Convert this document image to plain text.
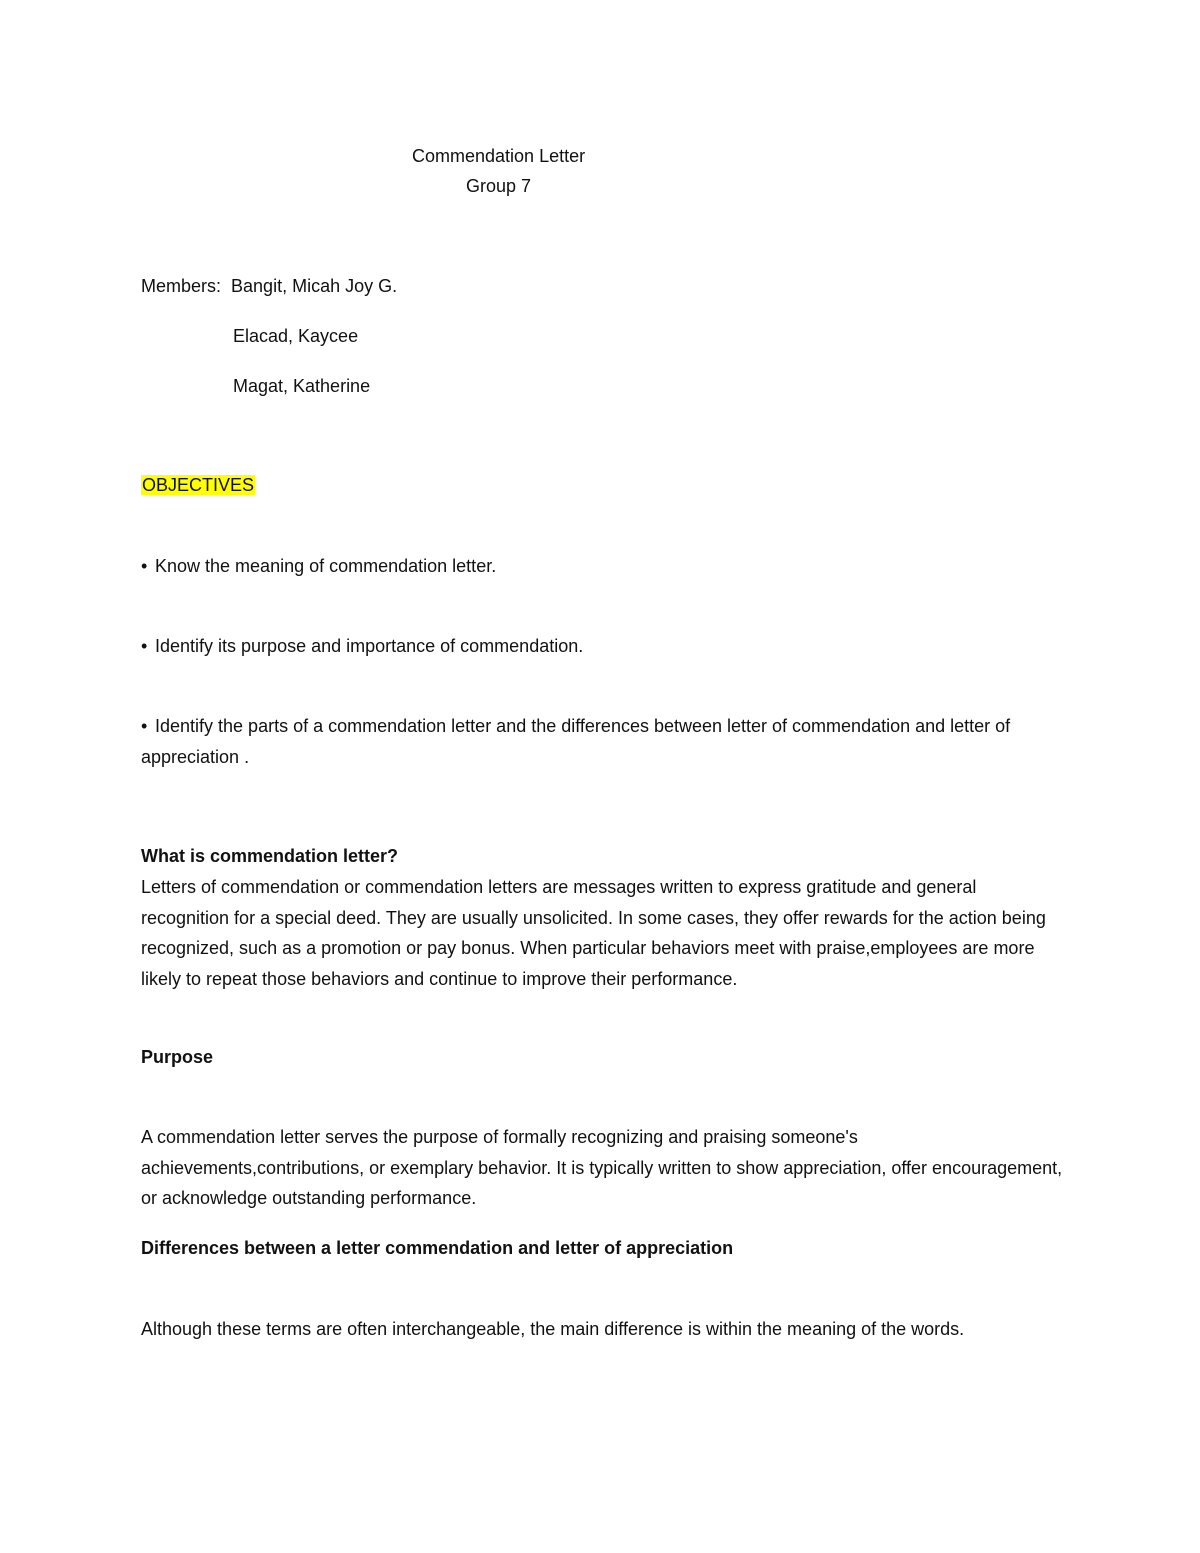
Commendation Letter
Group 7
Members: Bangit, Micah Joy G.
Elacad, Kaycee
Magat, Katherine
OBJECTIVES
• Know the meaning of commendation letter.
• Identify its purpose and importance of commendation.
• Identify the parts of a commendation letter and the differences between letter of commendation and letter of appreciation .
What is commendation letter?
Letters of commendation or commendation letters are messages written to express gratitude and general recognition for a special deed. They are usually unsolicited. In some cases, they offer rewards for the action being recognized, such as a promotion or pay bonus. When particular behaviors meet with praise,employees are more likely to repeat those behaviors and continue to improve their performance.
Purpose
A commendation letter serves the purpose of formally recognizing and praising someone's achievements,contributions, or exemplary behavior. It is typically written to show appreciation, offer encouragement, or acknowledge outstanding performance.
Differences between a letter commendation and letter of appreciation
Although these terms are often interchangeable, the main difference is within the meaning of the words.
